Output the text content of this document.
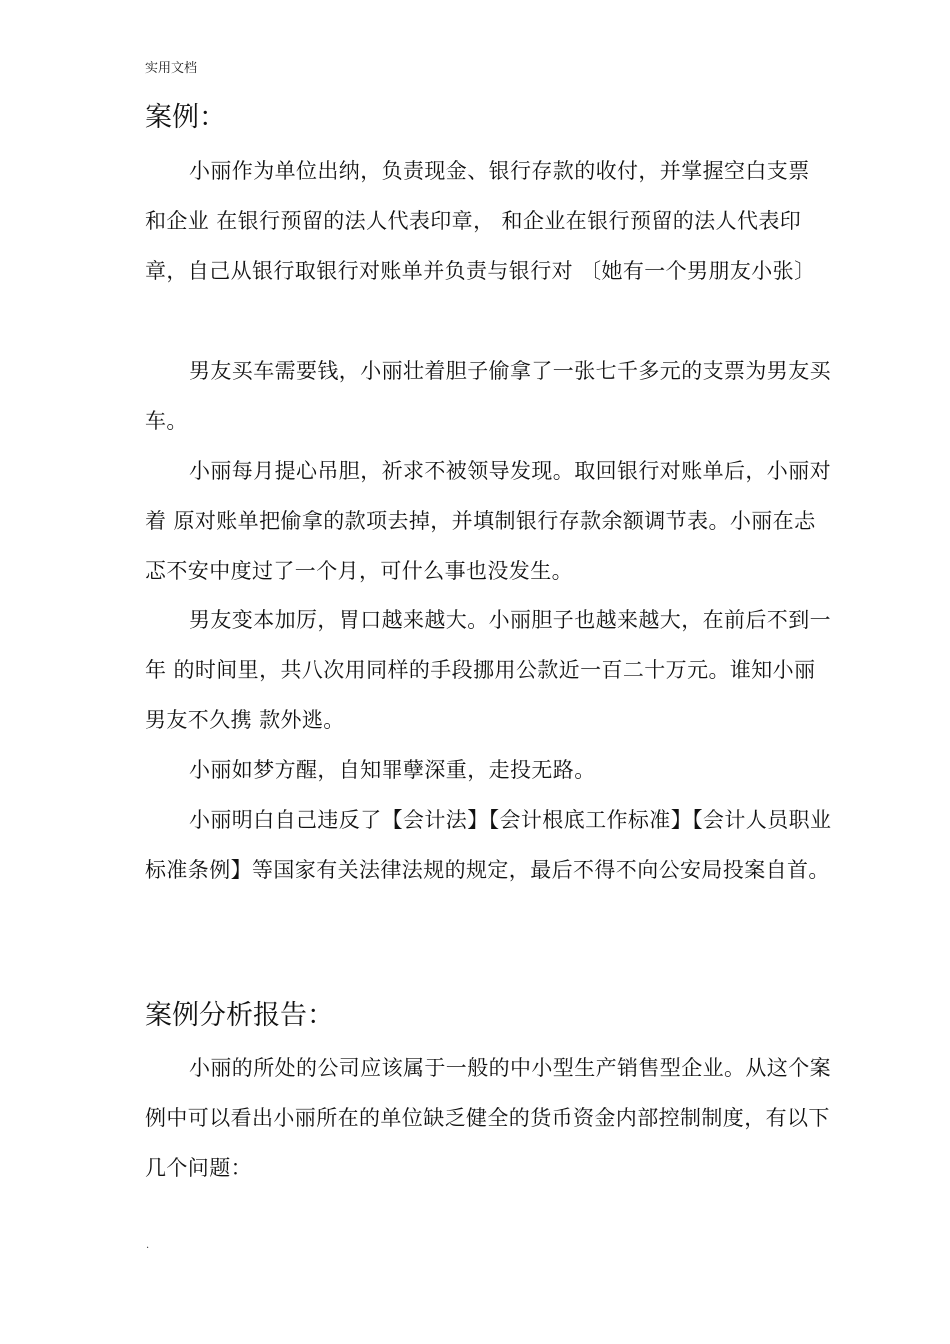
实用文档
案例：

小丽作为单位出纳，负责现金、银行存款的收付，并掌握空白支票 和企业 在银行预留的法人代表印章， 和企业在银行预留的法人代表印章，自己从银行取银行对账单并负责与银行对 〔她有一个男朋友小张〕

男友买车需要钱，小丽壮着胆子偷拿了一张七千多元的支票为男友买车。

小丽每月提心吊胆，祈求不被领导发现。取回银行对账单后，小丽对着 原对账单把偷拿的款项去掉，并填制银行存款余额调节表。小丽在忐忑不安中度过了一个月，可什么事也没发生。

男友变本加厉，胃口越来越大。小丽胆子也越来越大，在前后不到一年 的时间里，共八次用同样的手段挪用公款近一百二十万元。谁知小丽男友不久携 款外逃。

小丽如梦方醒，自知罪孽深重，走投无路。

小丽明白自己违反了【会计法】【会计根底工作标准】【会计人员职业标准条例】等国家有关法律法规的规定，最后不得不向公安局投案自首。

案例分析报告：

小丽的所处的公司应该属于一般的中小型生产销售型企业。从这个案例中可以看出小丽所在的单位缺乏健全的货币资金内部控制制度，有以下几个问题：

.
